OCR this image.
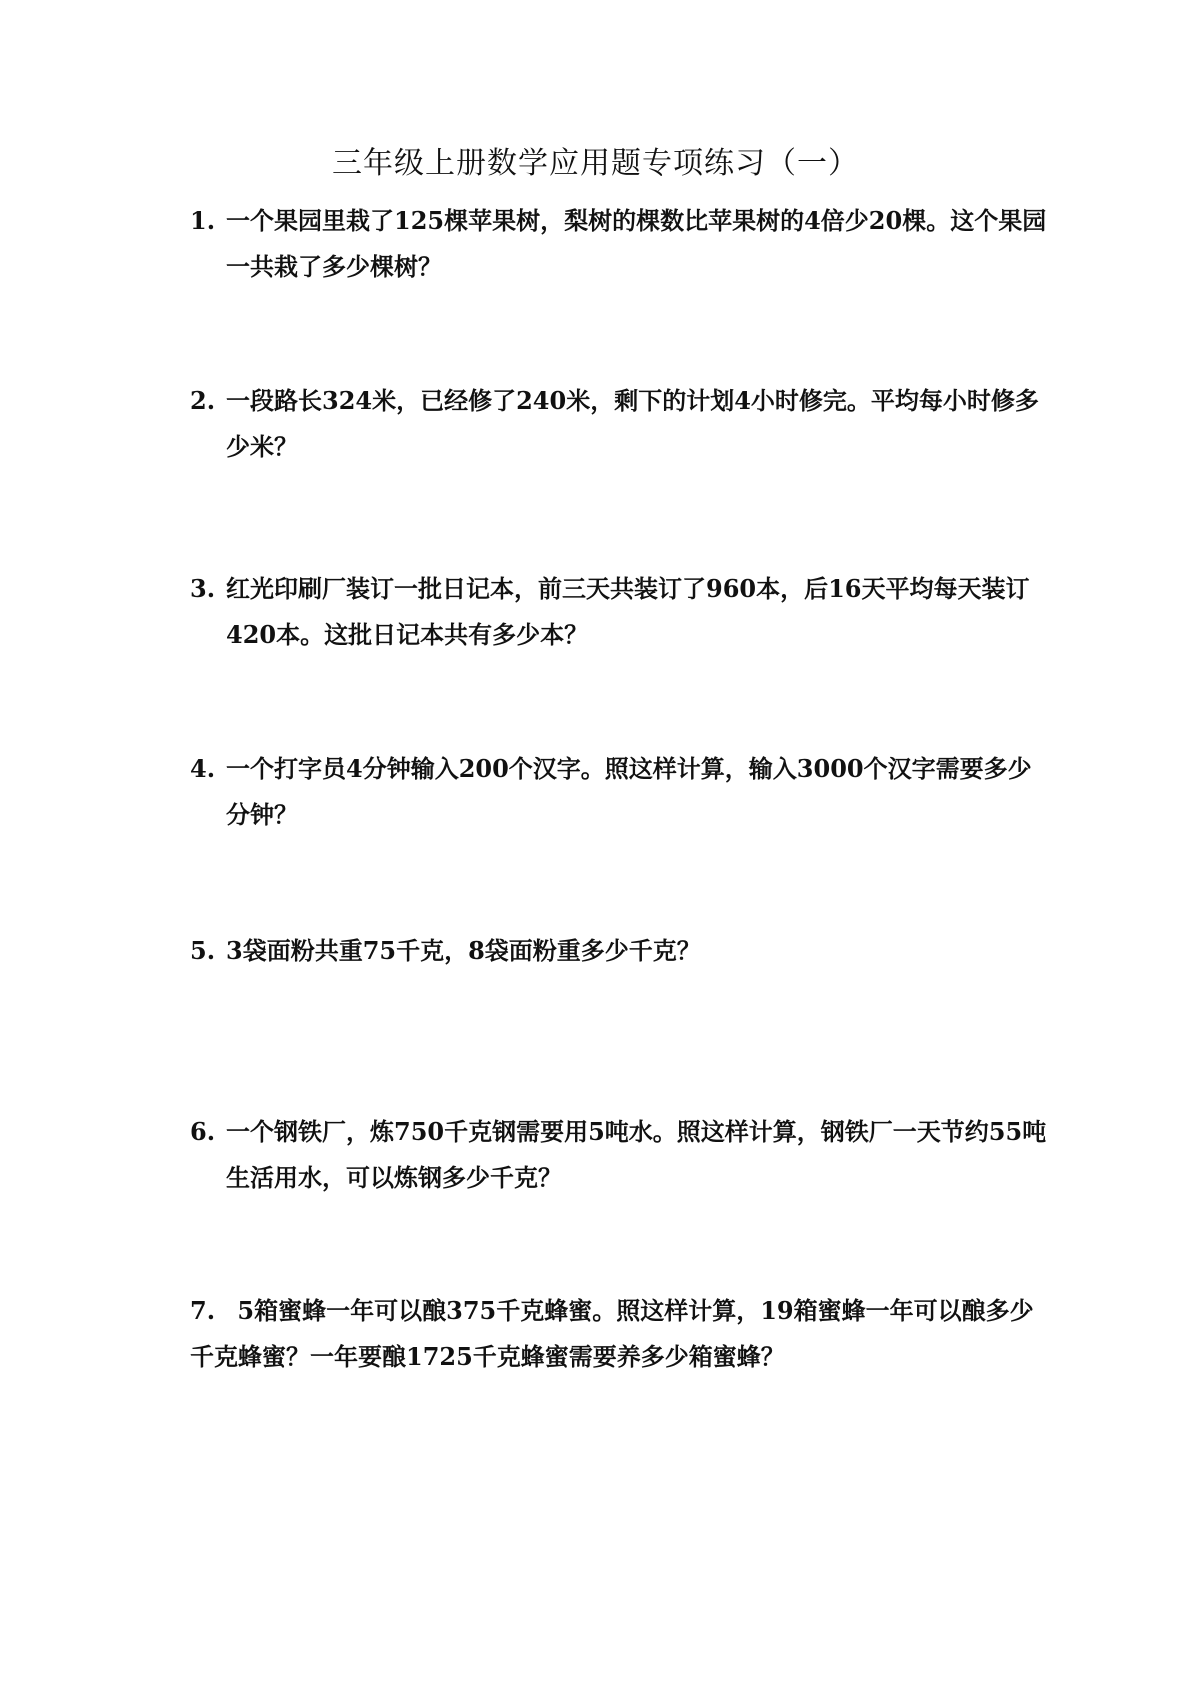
三年级上册数学应用题专项练习（一）
1. 一个果园里栽了125棵苹果树，梨树的棵数比苹果树的4倍少20棵。这个果园一共栽了多少棵树？
2. 一段路长324米，已经修了240米，剩下的计划4小时修完。平均每小时修多少米？
3. 红光印刷厂装订一批日记本，前三天共装订了960本，后16天平均每天装订420本。这批日记本共有多少本？
4. 一个打字员4分钟输入200个汉字。照这样计算，输入3000个汉字需要多少分钟？
5. 3袋面粉共重75千克，8袋面粉重多少千克？
6. 一个钢铁厂，炼750千克钢需要用5吨水。照这样计算，钢铁厂一天节约55吨生活用水，可以炼钢多少千克？
7. 5箱蜜蜂一年可以酿375千克蜂蜜。照这样计算，19箱蜜蜂一年可以酿多少千克蜂蜜？一年要酿1725千克蜂蜜需要养多少箱蜜蜂？
